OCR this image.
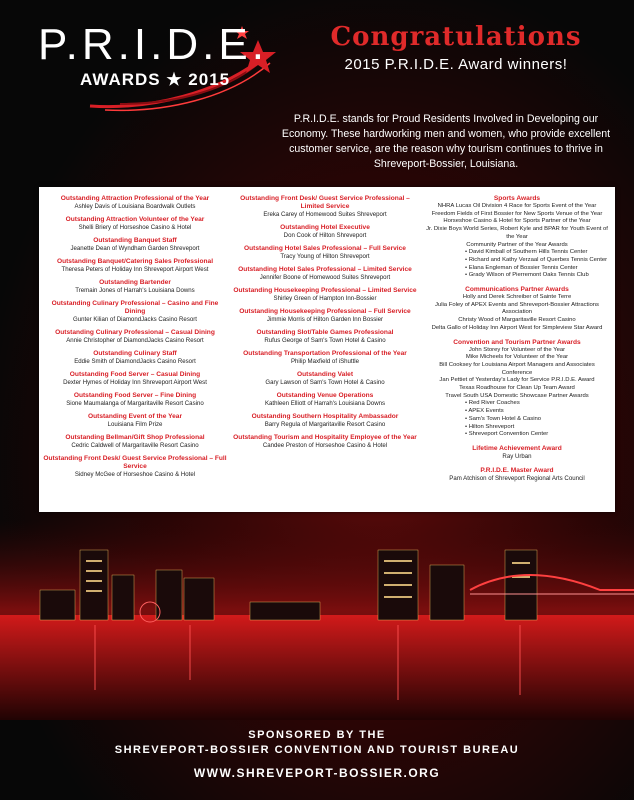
P.R.I.D.E.
AWARDS ★ 2015
Congratulations
2015 P.R.I.D.E. Award winners!
P.R.I.D.E. stands for Proud Residents Involved in Developing our Economy. These hardworking men and women, who provide excellent customer service, are the reason why tourism continues to thrive in Shreveport-Bossier, Louisiana.
Outstanding Attraction Professional of the Year
Ashley Davis of Louisiana Boardwalk Outlets
Outstanding Attraction Volunteer of the Year
Shelli Briery of Horseshoe Casino & Hotel
Outstanding Banquet Staff
Jeanette Dean of Wyndham Garden Shreveport
Outstanding Banquet/Catering Sales Professional
Theresa Peters of Holiday Inn Shreveport Airport West
Outstanding Bartender
Tremain Jones of Harrah's Louisiana Downs
Outstanding Culinary Professional – Casino and Fine Dining
Gunter Kilian of DiamondJacks Casino Resort
Outstanding Culinary Professional – Casual Dining
Annie Christopher of DiamondJacks Casino Resort
Outstanding Culinary Staff
Eddie Smith of DiamondJacks Casino Resort
Outstanding Food Server – Casual Dining
Dexter Hymes of Holiday Inn Shreveport Airport West
Outstanding Food Server – Fine Dining
Sione Maumalanga of Margaritaville Resort Casino
Outstanding Event of the Year
Louisiana Film Prize
Outstanding Bellman/Gift Shop Professional
Cedric Caldwell of Margaritaville Resort Casino
Outstanding Front Desk/ Guest Service Professional – Full Service
Sidney McGee of Horseshoe Casino & Hotel
Outstanding Front Desk/ Guest Service Professional – Limited Service
Ereka Carey of Homewood Suites Shreveport
Outstanding Hotel Executive
Don Cook of Hilton Shreveport
Outstanding Hotel Sales Professional – Full Service
Tracy Young of Hilton Shreveport
Outstanding Hotel Sales Professional – Limited Service
Jennifer Boone of Homewood Suites Shreveport
Outstanding Housekeeping Professional – Limited Service
Shirley Green of Hampton Inn-Bossier
Outstanding Housekeeping Professional – Full Service
Jimmie Morris of Hilton Garden Inn Bossier
Outstanding Slot/Table Games Professional
Rufus George of Sam's Town Hotel & Casino
Outstanding Transportation Professional of the Year
Philip Maxfield of iShuttle
Outstanding Valet
Gary Lawson of Sam's Town Hotel & Casino
Outstanding Venue Operations
Kathleen Elliott of Harrah's Louisiana Downs
Outstanding Southern Hospitality Ambassador
Barry Regula of Margaritaville Resort Casino
Outstanding Tourism and Hospitality Employee of the Year
Candee Preston of Horseshoe Casino & Hotel
Sports Awards
NHRA Lucas Oil Division 4 Race for Sports Event of the Year
Freedom Fields of First Bossier for New Sports Venue of the Year
Horseshoe Casino & Hotel for Sports Partner of the Year
Jr. Dixie Boys World Series, Robert Kyle and BPAR for Youth Event of the Year
Community Partner of the Year Awards
• David Kimball of Southern Hills Tennis Center
• Richard and Kathy Verzaal of Querbes Tennis Center
• Elana Engleman of Bossier Tennis Center
• Grady Wilson of Pierremont Oaks Tennis Club
Communications Partner Awards
Holly and Derek Schreiber of Sainte Terre
Julia Foley of APEX Events and Shreveport-Bossier Attractions Association
Christy Wood of Margaritaville Resort Casino
Delta Gallo of Holiday Inn Airport West for Simpleview Star Award
Convention and Tourism Partner Awards
John Storey for Volunteer of the Year
Mike Micheels for Volunteer of the Year
Bill Cooksey for Louisiana Airport Managers and Associates Conference
Jan Pettiet of Yesterday's Lady for Service P.R.I.D.E. Award
Texas Roadhouse for Clean Up Team Award
Travel South USA Domestic Showcase Partner Awards
• Red River Coaches
• APEX Events
• Sam's Town Hotel & Casino
• Hilton Shreveport
• Shreveport Convention Center
Lifetime Achievement Award
Ray Urban
P.R.I.D.E. Master Award
Pam Atchison of Shreveport Regional Arts Council
SPONSORED BY THE
SHREVEPORT-BOSSIER CONVENTION AND TOURIST BUREAU
WWW.SHREVEPORT-BOSSIER.ORG
